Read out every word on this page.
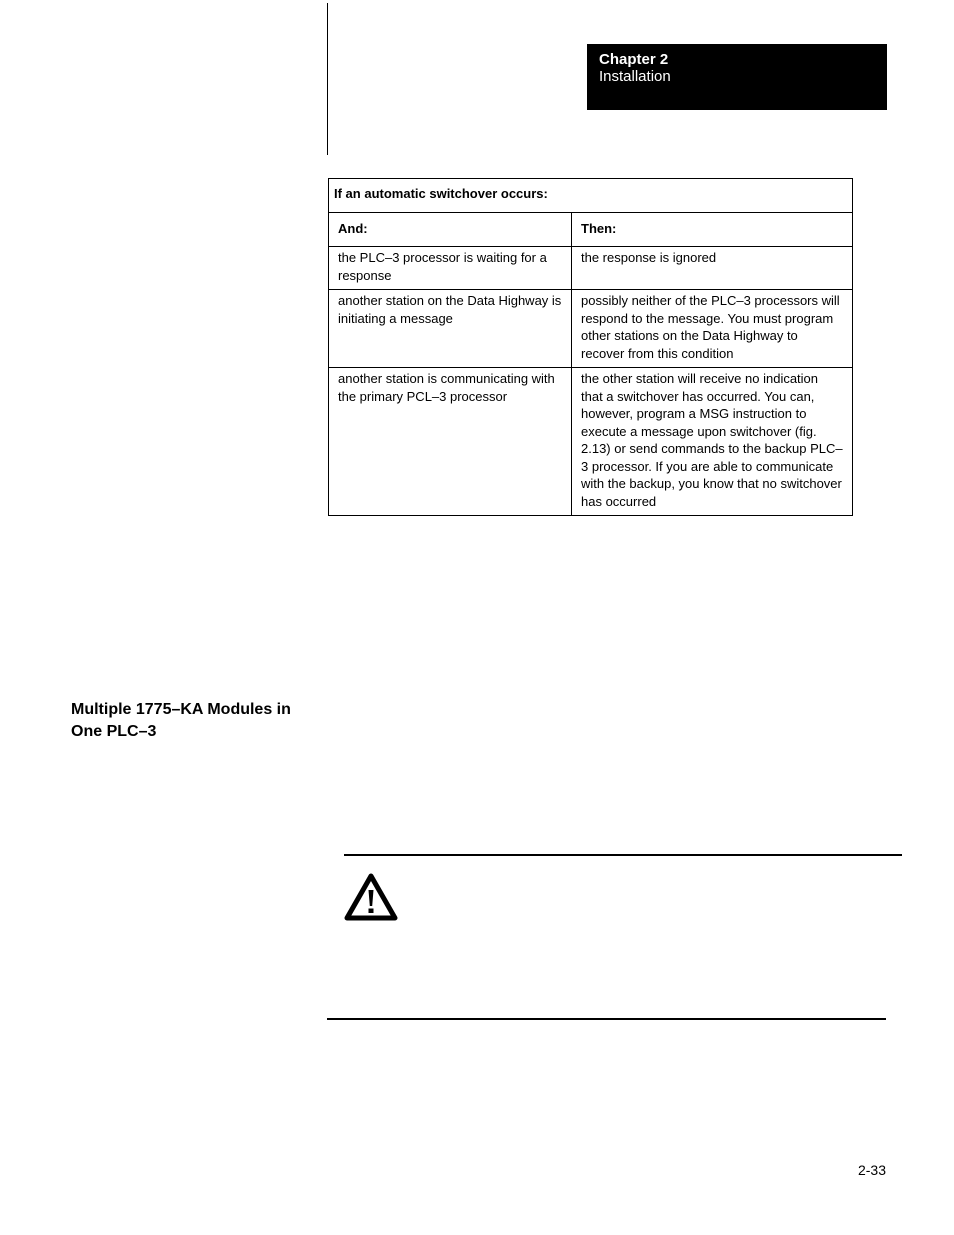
Chapter 2
Installation
If an automatic switchover occurs:	
And:	Then:
the PLC–3 processor is waiting for a response	the response is ignored
another station on the Data Highway is initiating a message	possibly neither of the PLC–3 processors will respond to the message. You must program other stations on the Data Highway to recover from this condition
another station is communicating with the primary PCL–3 processor	the other station will receive no indication that a switchover has occurred. You can, however, program a MSG instruction to execute a message upon switchover (fig. 2.13) or send commands to the backup PLC–3 processor. If you are able to communicate with the backup, you know that no switchover has occurred
Multiple 1775–KA Modules in One PLC–3
2-33
